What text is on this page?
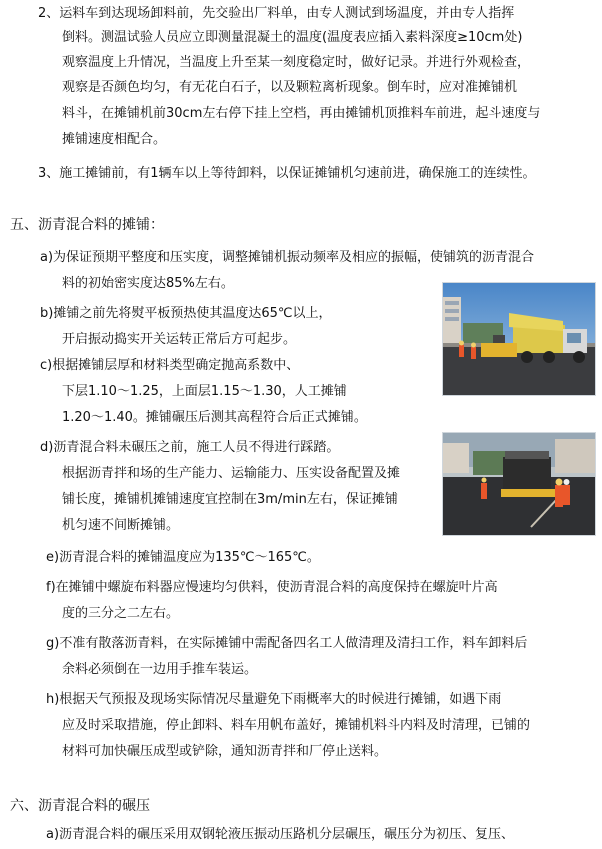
2、运料车到达现场卸料前，先交验出厂料单，由专人测试到场温度，并由专人指挥
倒料。测温试验人员应立即测量混凝土的温度(温度表应插入素料深度≥10cm处)
观察温度上升情况，当温度上升至某一刻度稳定时，做好记录。并进行外观检查，
观察是否颜色均匀，有无花白石子，以及颗粒离析现象。倒车时，应对准摊铺机
料斗，在摊铺机前30cm左右停下挂上空档，再由摊铺机顶推料车前进，起斗速度与
摊铺速度相配合。
3、施工摊铺前，有1辆车以上等待卸料，以保证摊铺机匀速前进，确保施工的连续性。
五、沥青混合料的摊铺：
a)为保证预期平整度和压实度，调整摊铺机振动频率及相应的振幅，使铺筑的沥青混合
料的初始密实度达85%左右。
b)摊铺之前先将熨平板预热使其温度达65℃以上，
开启振动捣实开关运转正常后方可起步。
c)根据摊铺层厚和材料类型确定抛高系数中、
下层1.10～1.25，上面层1.15～1.30，人工摊铺
1.20～1.40。摊铺碾压后测其高程符合后正式摊铺。
d)沥青混合料未碾压之前，施工人员不得进行踩踏。
根据沥青拌和场的生产能力、运输能力、压实设备配置及摊
铺长度，摊铺机摊铺速度宜控制在3m/min左右，保证摊铺
机匀速不间断摊铺。
e)沥青混合料的摊铺温度应为135℃～165℃。
f)在摊铺中螺旋布料器应慢速均匀供料，使沥青混合料的高度保持在螺旋叶片高
度的三分之二左右。
g)不准有散落沥青料，在实际摊铺中需配备四名工人做清理及清扫工作，料车卸料后
余料必须倒在一边用手推车装运。
h)根据天气预报及现场实际情况尽量避免下雨概率大的时候进行摊铺，如遇下雨
应及时采取措施，停止卸料、料车用帆布盖好，摊铺机料斗内料及时清理，已铺的
材料可加快碾压成型或铲除，通知沥青拌和厂停止送料。
六、沥青混合料的碾压
a)沥青混合料的碾压采用双钢轮液压振动压路机分层碾压，碾压分为初压、复压、
